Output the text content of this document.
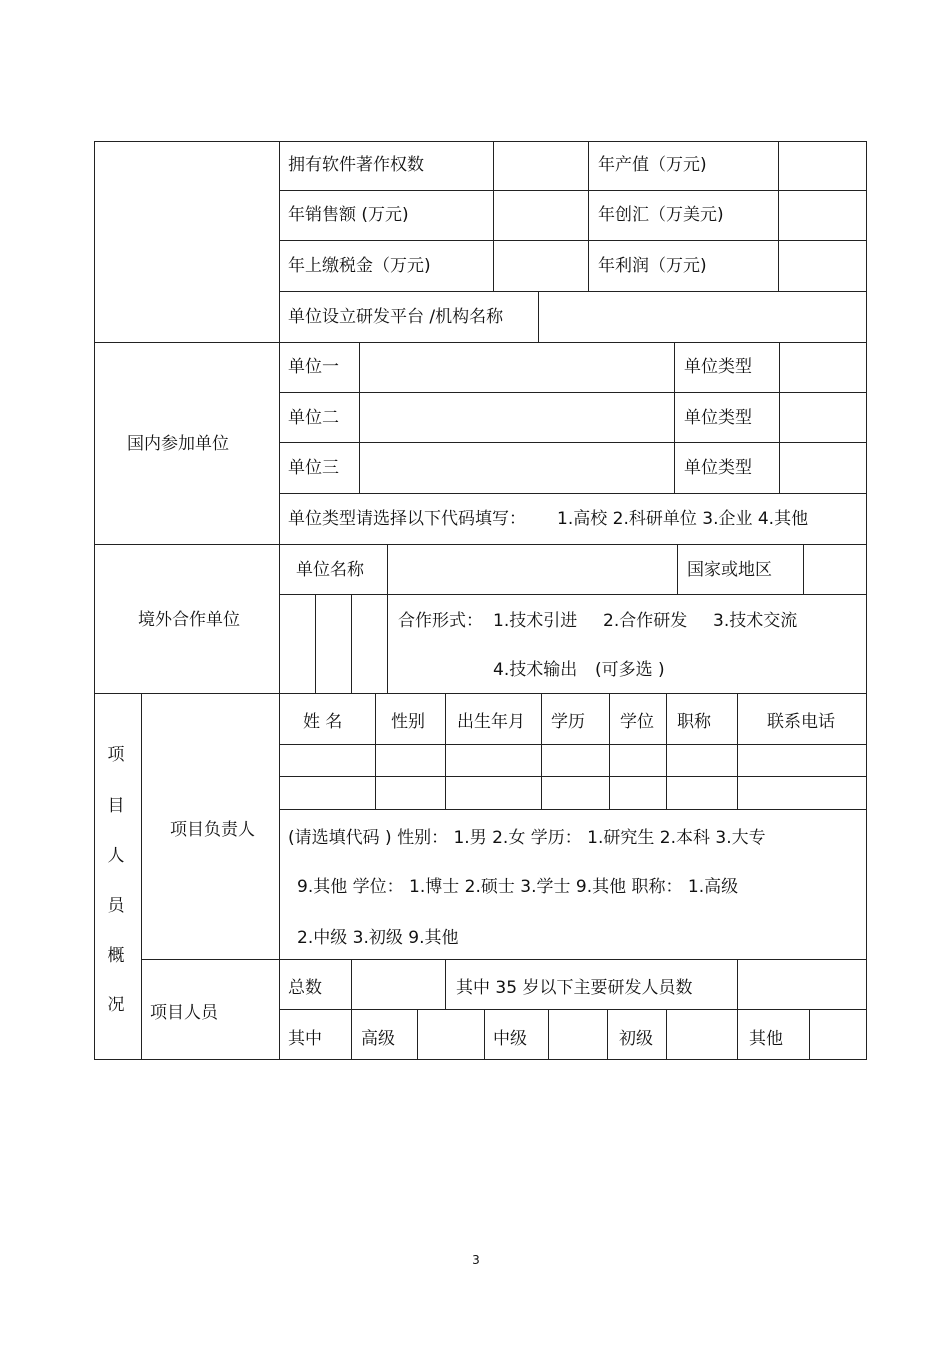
拥有软件著作权数	年产值（万元)
年销售额 (万元)	年创汇（万美元)
年上缴税金（万元)	年利润（万元)
单位设立研发平台 /机构名称
国内参加单位
单位一	单位类型
单位二	单位类型
单位三	单位类型
单位类型请选择以下代码填写： 1.高校 2.科研单位 3.企业 4.其他
境外合作单位
单位名称	国家或地区
合作形式： 1.技术引进 2.合作研发 3.技术交流
4.技术输出 (可多选 )
项
目
人
员
概
况
项目负责人
姓 名	性别 出生年月 学历 学位 职称	联系电话
(请选填代码 ) 性别： 1.男 2.女 学历： 1.研究生 2.本科 3.大专
9.其他 学位： 1.博士 2.硕士 3.学士 9.其他 职称： 1.高级
2.中级 3.初级 9.其他
项目人员
总数	其中 35 岁以下主要研发人员数
其中 高级	中级	初级	其他
3
